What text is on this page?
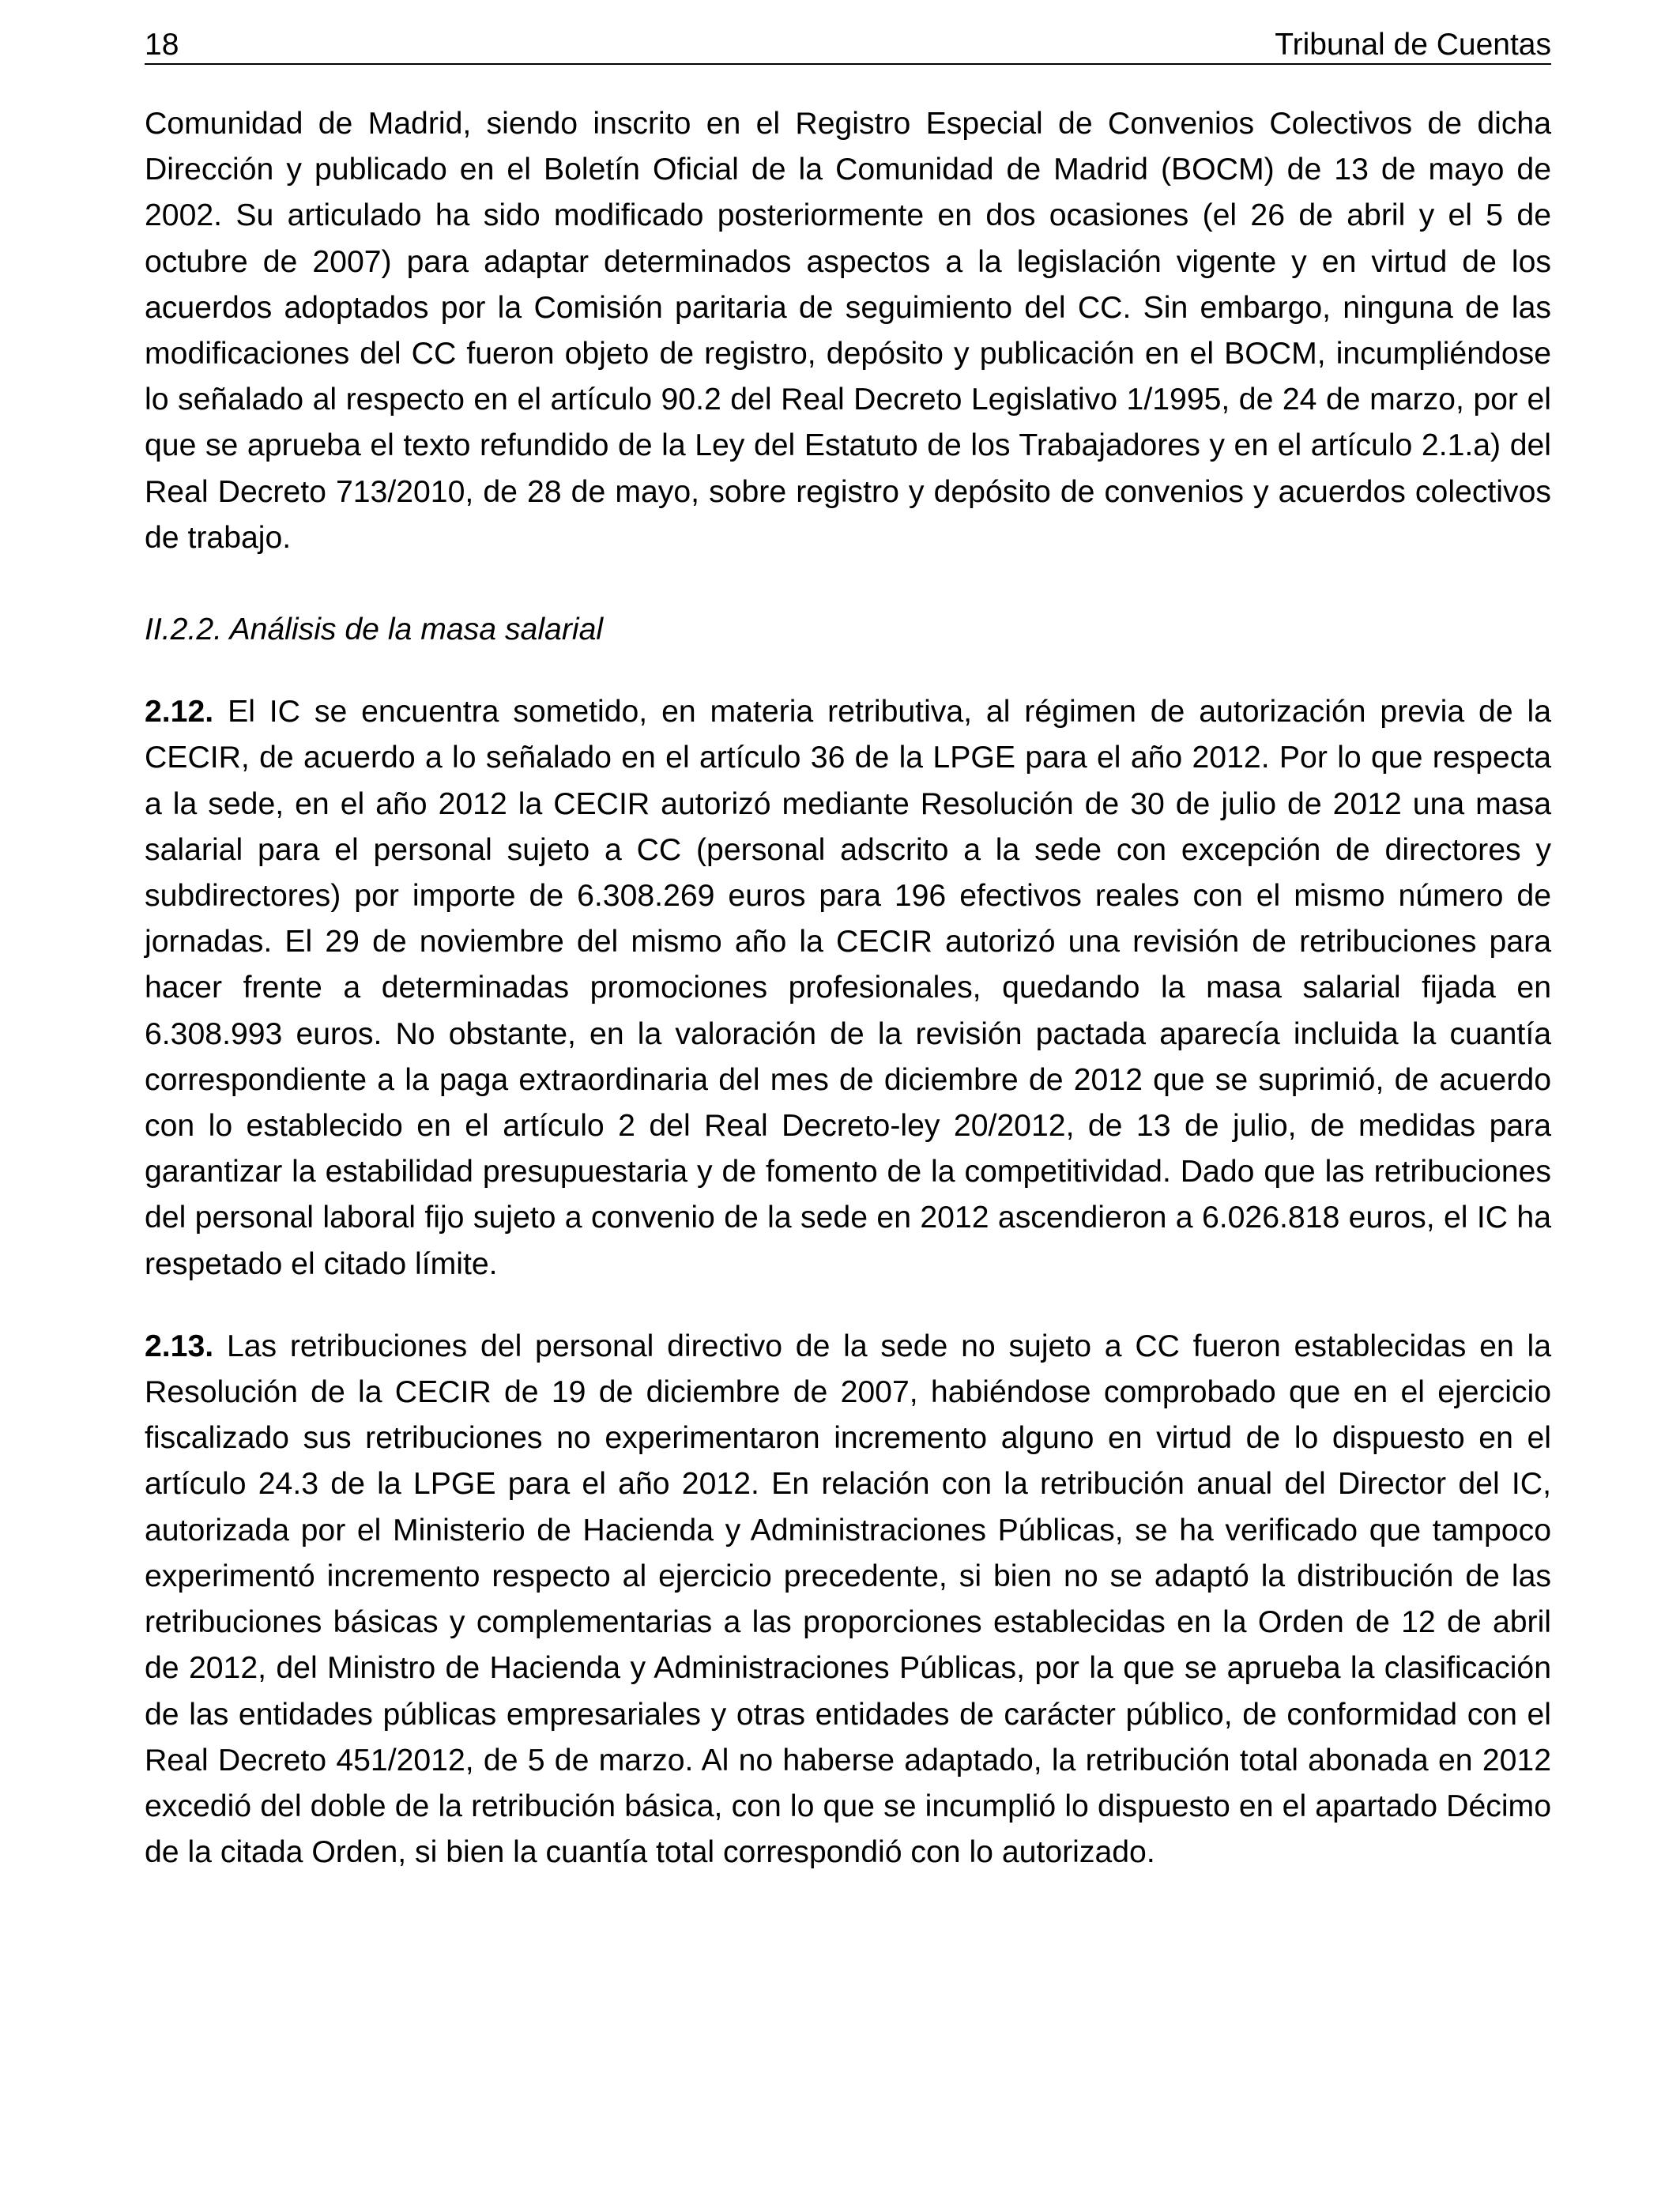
18	Tribunal de Cuentas

Comunidad de Madrid, siendo inscrito en el Registro Especial de Convenios Colectivos de dicha Dirección y publicado en el Boletín Oficial de la Comunidad de Madrid (BOCM) de 13 de mayo de 2002. Su articulado ha sido modificado posteriormente en dos ocasiones (el 26 de abril y el 5 de octubre de 2007) para adaptar determinados aspectos a la legislación vigente y en virtud de los acuerdos adoptados por la Comisión paritaria de seguimiento del CC. Sin embargo, ninguna de las modificaciones del CC fueron objeto de registro, depósito y publicación en el BOCM, incumpliéndose lo señalado al respecto en el artículo 90.2 del Real Decreto Legislativo 1/1995, de 24 de marzo, por el que se aprueba el texto refundido de la Ley del Estatuto de los Trabajadores y en el artículo 2.1.a) del Real Decreto 713/2010, de 28 de mayo, sobre registro y depósito de convenios y acuerdos colectivos de trabajo.

II.2.2. Análisis de la masa salarial

2.12. El IC se encuentra sometido, en materia retributiva, al régimen de autorización previa de la CECIR, de acuerdo a lo señalado en el artículo 36 de la LPGE para el año 2012. Por lo que respecta a la sede, en el año 2012 la CECIR autorizó mediante Resolución de 30 de julio de 2012 una masa salarial para el personal sujeto a CC (personal adscrito a la sede con excepción de directores y subdirectores) por importe de 6.308.269 euros para 196 efectivos reales con el mismo número de jornadas. El 29 de noviembre del mismo año la CECIR autorizó una revisión de retribuciones para hacer frente a determinadas promociones profesionales, quedando la masa salarial fijada en 6.308.993 euros. No obstante, en la valoración de la revisión pactada aparecía incluida la cuantía correspondiente a la paga extraordinaria del mes de diciembre de 2012 que se suprimió, de acuerdo con lo establecido en el artículo 2 del Real Decreto-ley 20/2012, de 13 de julio, de medidas para garantizar la estabilidad presupuestaria y de fomento de la competitividad. Dado que las retribuciones del personal laboral fijo sujeto a convenio de la sede en 2012 ascendieron a 6.026.818 euros, el IC ha respetado el citado límite.

2.13. Las retribuciones del personal directivo de la sede no sujeto a CC fueron establecidas en la Resolución de la CECIR de 19 de diciembre de 2007, habiéndose comprobado que en el ejercicio fiscalizado sus retribuciones no experimentaron incremento alguno en virtud de lo dispuesto en el artículo 24.3 de la LPGE para el año 2012. En relación con la retribución anual del Director del IC, autorizada por el Ministerio de Hacienda y Administraciones Públicas, se ha verificado que tampoco experimentó incremento respecto al ejercicio precedente, si bien no se adaptó la distribución de las retribuciones básicas y complementarias a las proporciones establecidas en la Orden de 12 de abril de 2012, del Ministro de Hacienda y Administraciones Públicas, por la que se aprueba la clasificación de las entidades públicas empresariales y otras entidades de carácter público, de conformidad con el Real Decreto 451/2012, de 5 de marzo. Al no haberse adaptado, la retribución total abonada en 2012 excedió del doble de la retribución básica, con lo que se incumplió lo dispuesto en el apartado Décimo de la citada Orden, si bien la cuantía total correspondió con lo autorizado.
